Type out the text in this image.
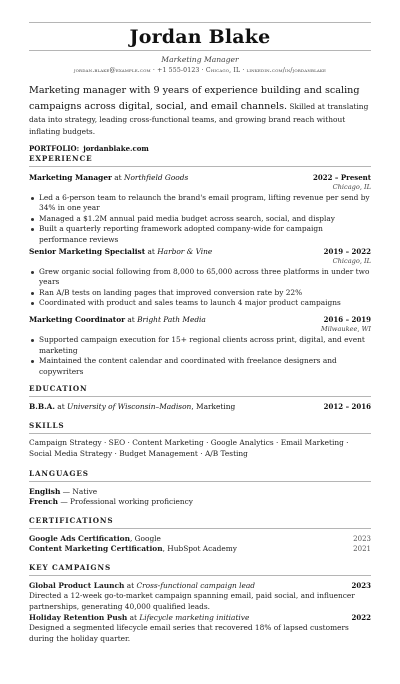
Jordan Blake
Marketing Manager
jordan.blake@example.com · +1 555-0123 · Chicago, IL · linkedin.com/in/jordanblake
Marketing manager with 9 years of experience building and scaling campaigns across digital, social, and email channels. Skilled at translating data into strategy, leading cross-functional teams, and growing brand reach without inflating budgets.
PORTFOLIO: jordanblake.com
EXPERIENCE
Marketing Manager at Northfield Goods	2022 – Present
Chicago, IL
Led a 6-person team to relaunch the brand's email program, lifting revenue per send by 34% in one year
Managed a $1.2M annual paid media budget across search, social, and display
Built a quarterly reporting framework adopted company-wide for campaign performance reviews
Senior Marketing Specialist at Harbor & Vine	2019 – 2022
Chicago, IL
Grew organic social following from 8,000 to 65,000 across three platforms in under two years
Ran A/B tests on landing pages that improved conversion rate by 22%
Coordinated with product and sales teams to launch 4 major product campaigns
Marketing Coordinator at Bright Path Media	2016 – 2019
Milwaukee, WI
Supported campaign execution for 15+ regional clients across print, digital, and event marketing
Maintained the content calendar and coordinated with freelance designers and copywriters
EDUCATION
B.B.A. at University of Wisconsin–Madison, Marketing	2012 – 2016
SKILLS
Campaign Strategy · SEO · Content Marketing · Google Analytics · Email Marketing · Social Media Strategy · Budget Management · A/B Testing
LANGUAGES
English — Native
French — Professional working proficiency
CERTIFICATIONS
Google Ads Certification, Google	2023
Content Marketing Certification, HubSpot Academy	2021
KEY CAMPAIGNS
Global Product Launch at Cross-functional campaign lead	2023
Directed a 12-week go-to-market campaign spanning email, paid social, and influencer partnerships, generating 40,000 qualified leads.
Holiday Retention Push at Lifecycle marketing initiative	2022
Designed a segmented lifecycle email series that recovered 18% of lapsed customers during the holiday quarter.
